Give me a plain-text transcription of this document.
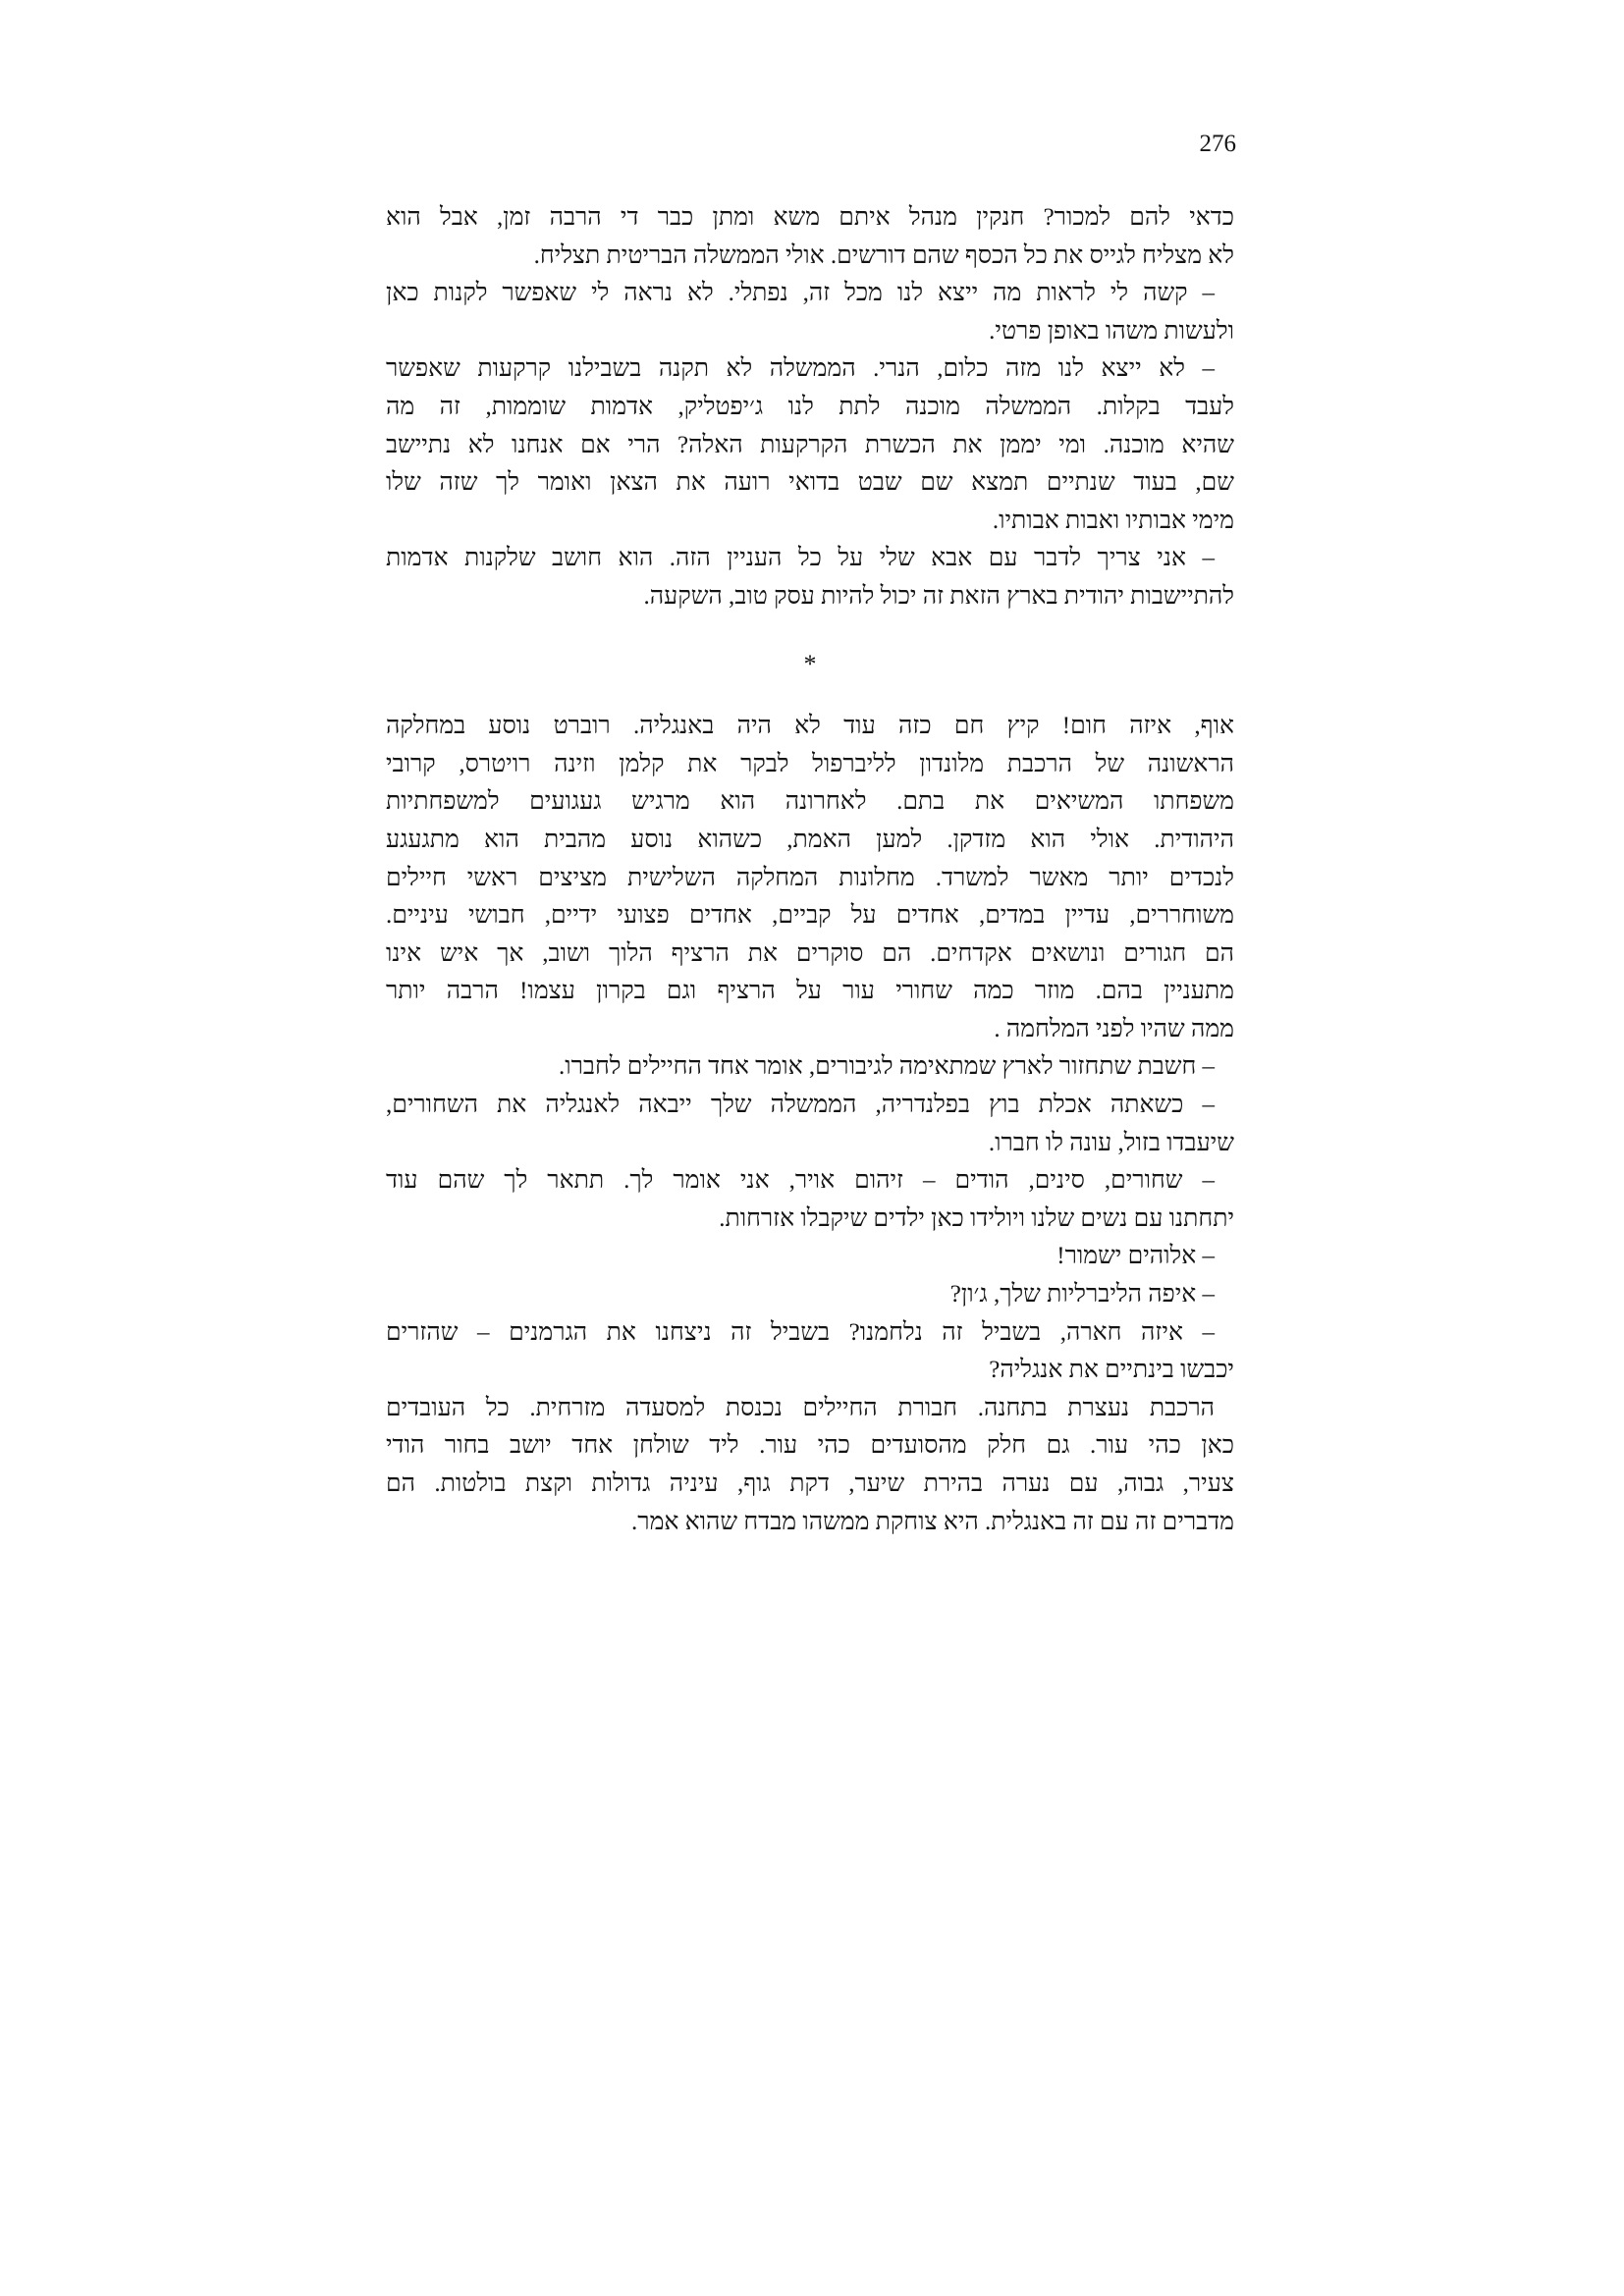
276
כדאי להם למכור? חנקין מנהל איתם משא ומתן כבר די הרבה זמן, אבל הוא
לא מצליח לגייס את כל הכסף שהם דורשים. אולי הממשלה הבריטית תצליח.
– קשה לי לראות מה ייצא לנו מכל זה, נפתלי. לא נראה לי שאפשר לקנות כאן
ולעשות משהו באופן פרטי.
– לא ייצא לנו מזה כלום, הנרי. הממשלה לא תקנה בשבילנו קרקעות שאפשר
לעבד בקלות. הממשלה מוכנה לתת לנו ג׳יפטליק, אדמות שוממות, זה מה
שהיא מוכנה. ומי יממן את הכשרת הקרקעות האלה? הרי אם אנחנו לא נתיישב
שם, בעוד שנתיים תמצא שם שבט בדואי רועה את הצאן ואומר לך שזה שלו
מימי אבותיו ואבות אבותיו.
– אני צריך לדבר עם אבא שלי על כל העניין הזה. הוא חושב שלקנות אדמות
להתיישבות יהודית בארץ הזאת זה יכול להיות עסק טוב, השקעה.
*
אוף, איזה חום! קיץ חם כזה עוד לא היה באנגליה. רוברט נוסע במחלקה
הראשונה של הרכבת מלונדון לליברפול לבקר את קלמן וזינה רויטרס, קרובי
משפחתו המשיאים את בתם. לאחרונה הוא מרגיש געגועים למשפחתיות
היהודית. אולי הוא מזדקן. למען האמת, כשהוא נוסע מהבית הוא מתגעגע
לנכדים יותר מאשר למשרד. מחלונות המחלקה השלישית מציצים ראשי חיילים
משוחררים, עדיין במדים, אחדים על קביים, אחדים פצועי ידיים, חבושי עיניים.
הם חגורים ונושאים אקדחים. הם סוקרים את הרציף הלוך ושוב, אך איש אינו
מתעניין בהם. מוזר כמה שחורי עור על הרציף וגם בקרון עצמו! הרבה יותר
ממה שהיו לפני המלחמה .
– חשבת שתחזור לארץ שמתאימה לגיבורים, אומר אחד החיילים לחברו.
– כשאתה אכלת בוץ בפלנדריה, הממשלה שלך ייבאה לאנגליה את השחורים,
שיעבדו בזול, עונה לו חברו.
– שחורים, סינים, הודים – זיהום אויר, אני אומר לך. תתאר לך שהם עוד
יתחתנו עם נשים שלנו ויולידו כאן ילדים שיקבלו אזרחות.
– אלוהים ישמור!
– איפה הליברליות שלך, ג׳ון?
– איזה חארה, בשביל זה נלחמנו? בשביל זה ניצחנו את הגרמנים – שהזרים
יכבשו בינתיים את אנגליה?
הרכבת נעצרת בתחנה. חבורת החיילים נכנסת למסעדה מזרחית. כל העובדים
כאן כהי עור. גם חלק מהסועדים כהי עור. ליד שולחן אחד יושב בחור הודי
צעיר, גבוה, עם נערה בהירת שיער, דקת גוף, עיניה גדולות וקצת בולטות. הם
מדברים זה עם זה באנגלית. היא צוחקת ממשהו מבדח שהוא אמר.
